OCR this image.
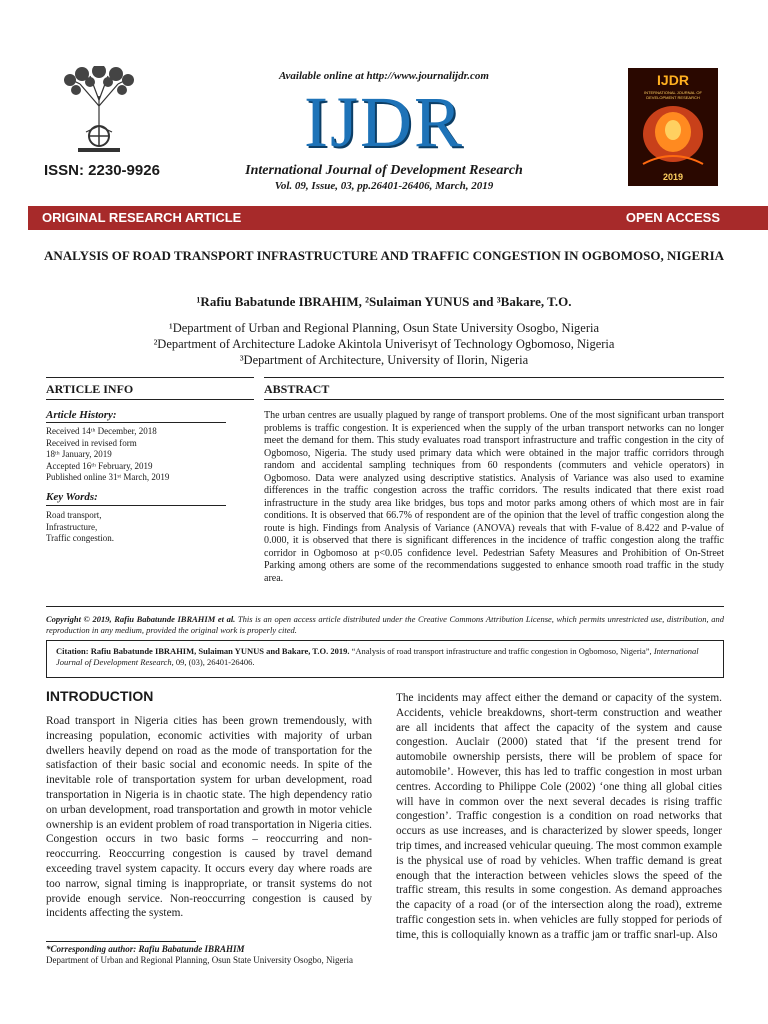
ISSN: 2230-9926
Available online at http://www.journalijdr.com
IJDR
International Journal of Development Research
Vol. 09, Issue, 03, pp.26401-26406, March, 2019
IJDR
INTERNATIONAL JOURNAL OF DEVELOPMENT RESEARCH
2019
ORIGINAL RESEARCH ARTICLE	OPEN ACCESS
ANALYSIS OF ROAD TRANSPORT INFRASTRUCTURE AND TRAFFIC CONGESTION IN OGBOMOSO, NIGERIA
¹Rafiu Babatunde IBRAHIM, ²Sulaiman YUNUS and ³Bakare, T.O.
¹Department of Urban and Regional Planning, Osun State University Osogbo, Nigeria
²Department of Architecture Ladoke Akintola Univerisyt of Technology Ogbomoso, Nigeria
³Department of Architecture, University of Ilorin, Nigeria
ARTICLE INFO	ABSTRACT
Article History:
Received 14ᵗʰ December, 2018
Received in revised form
18ᵗʰ January, 2019
Accepted 16ᵗʰ February, 2019
Published online 31ˢᵗ March, 2019
Key Words:
Road transport,
Infrastructure,
Traffic congestion.
The urban centres are usually plagued by range of transport problems. One of the most significant urban transport problems is traffic congestion. It is experienced when the supply of the urban transport networks can no longer meet the demand for them. This study evaluates road transport infrastructure and traffic congestion in the city of Ogbomoso, Nigeria. The study used primary data which were obtained in the major traffic corridors through random and accidental sampling techniques from 60 respondents (commuters and vehicle operators) in Ogbomoso. Data were analyzed using descriptive statistics. Analysis of Variance was also used to examine differences in the traffic congestion across the traffic corridors. The results indicated that there exist road infrastructure in the study area like bridges, bus tops and motor parks among others of which most are in fair conditions. It is observed that 66.7% of respondent are of the opinion that the level of traffic congestion along the route is high. Findings from Analysis of Variance (ANOVA) reveals that with F-value of 8.422 and P-value of 0.000, it is observed that there is significant differences in the incidence of traffic congestion along the traffic corridor in Ogbomoso at p<0.05 confidence level. Pedestrian Safety Measures and Prohibition of On-Street Parking among others are some of the recommendations suggested to enhance smooth road traffic in the study area.
Copyright © 2019, Rafiu Babatunde IBRAHIM et al. This is an open access article distributed under the Creative Commons Attribution License, which permits unrestricted use, distribution, and reproduction in any medium, provided the original work is properly cited.
Citation: Rafiu Babatunde IBRAHIM, Sulaiman YUNUS and Bakare, T.O. 2019. “Analysis of road transport infrastructure and traffic congestion in Ogbomoso, Nigeria”, International Journal of Development Research, 09, (03), 26401-26406.
INTRODUCTION
Road transport in Nigeria cities has been grown tremendously, with increasing population, economic activities with majority of urban dwellers heavily depend on road as the mode of transportation for the satisfaction of their basic social and economic needs. In spite of the inevitable role of transportation system for urban development, road transportation in Nigeria is in chaotic state. The high dependency ratio on urban development, road transportation and growth in motor vehicle ownership is an evident problem of road transportation in Nigeria cities. Congestion occurs in two basic forms – reoccurring and non-reoccurring. Reoccurring congestion is caused by travel demand exceeding travel system capacity. It occurs every day where roads are too narrow, signal timing is inappropriate, or transit systems do not provide enough service. Non-reoccurring congestion is caused by incidents affecting the system.
The incidents may affect either the demand or capacity of the system. Accidents, vehicle breakdowns, short-term construction and weather are all incidents that affect the capacity of the system and cause congestion. Auclair (2000) stated that ‘if the present trend for automobile ownership persists, there will be problem of space for automobile’. However, this has led to traffic congestion in most urban centres. According to Philippe Cole (2002) ‘one thing all global cities will have in common over the next several decades is rising traffic congestion’. Traffic congestion is a condition on road networks that occurs as use increases, and is characterized by slower speeds, longer trip times, and increased vehicular queuing. The most common example is the physical use of road by vehicles. When traffic demand is great enough that the interaction between vehicles slows the speed of the traffic stream, this results in some congestion. As demand approaches the capacity of a road (or of the intersection along the road), extreme traffic congestion sets in. when vehicles are fully stopped for periods of time, this is colloquially known as a traffic jam or traffic snarl-up. Also
*Corresponding author: Rafiu Babatunde IBRAHIM
Department of Urban and Regional Planning, Osun State University Osogbo, Nigeria
